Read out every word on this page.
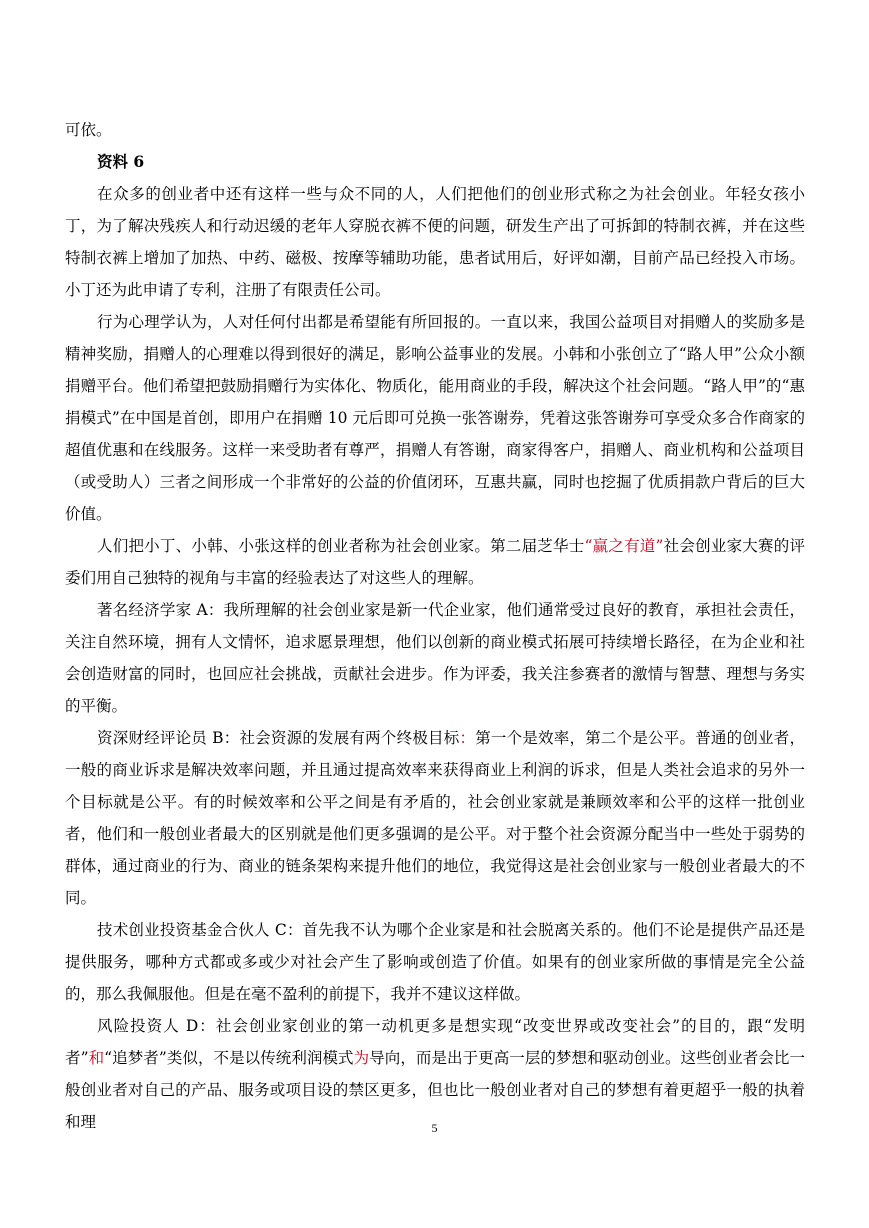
可依。

资料 6

在众多的创业者中还有这样一些与众不同的人，人们把他们的创业形式称之为社会创业。年轻女孩小丁，为了解决残疾人和行动迟缓的老年人穿脱衣裤不便的问题，研发生产出了可拆卸的特制衣裤，并在这些特制衣裤上增加了加热、中药、磁极、按摩等辅助功能，患者试用后，好评如潮，目前产品已经投入市场。小丁还为此申请了专利，注册了有限责任公司。

行为心理学认为，人对任何付出都是希望能有所回报的。一直以来，我国公益项目对捐赠人的奖励多是精神奖励，捐赠人的心理难以得到很好的满足，影响公益事业的发展。小韩和小张创立了“路人甲”公众小额捐赠平台。他们希望把鼓励捐赠行为实体化、物质化，能用商业的手段，解决这个社会问题。“路人甲”的“惠捐模式”在中国是首创，即用户在捐赠 10 元后即可兑换一张答谢券，凭着这张答谢券可享受众多合作商家的超值优惠和在线服务。这样一来受助者有尊严，捐赠人有答谢，商家得客户，捐赠人、商业机构和公益项目（或受助人）三者之间形成一个非常好的公益的价值闭环，互惠共赢，同时也挖掘了优质捐款户背后的巨大价值。

人们把小丁、小韩、小张这样的创业者称为社会创业家。第二届芝华士“赢之有道”社会创业家大赛的评委们用自己独特的视角与丰富的经验表达了对这些人的理解。

著名经济学家 A：我所理解的社会创业家是新一代企业家，他们通常受过良好的教育，承担社会责任，关注自然环境，拥有人文情怀，追求愿景理想，他们以创新的商业模式拓展可持续增长路径，在为企业和社会创造财富的同时，也回应社会挑战，贡献社会进步。作为评委，我关注参赛者的激情与智慧、理想与务实的平衡。

资深财经评论员 B：社会资源的发展有两个终极目标：第一个是效率，第二个是公平。普通的创业者，一般的商业诉求是解决效率问题，并且通过提高效率来获得商业上利润的诉求，但是人类社会追求的另外一个目标就是公平。有的时候效率和公平之间是有矛盾的，社会创业家就是兼顾效率和公平的这样一批创业者，他们和一般创业者最大的区别就是他们更多强调的是公平。对于整个社会资源分配当中一些处于弱势的群体，通过商业的行为、商业的链条架构来提升他们的地位，我觉得这是社会创业家与一般创业者最大的不同。

技术创业投资基金合伙人 C：首先我不认为哪个企业家是和社会脱离关系的。他们不论是提供产品还是提供服务，哪种方式都或多或少对社会产生了影响或创造了价值。如果有的创业家所做的事情是完全公益的，那么我佩服他。但是在毫不盈利的前提下，我并不建议这样做。

风险投资人 D：社会创业家创业的第一动机更多是想实现“改变世界或改变社会”的目的，跟“发明者”和“追梦者”类似，不是以传统利润模式为导向，而是出于更高一层的梦想和驱动创业。这些创业者会比一般创业者对自己的产品、服务或项目设的禁区更多，但也比一般创业者对自己的梦想有着更超乎一般的执着和理	5
